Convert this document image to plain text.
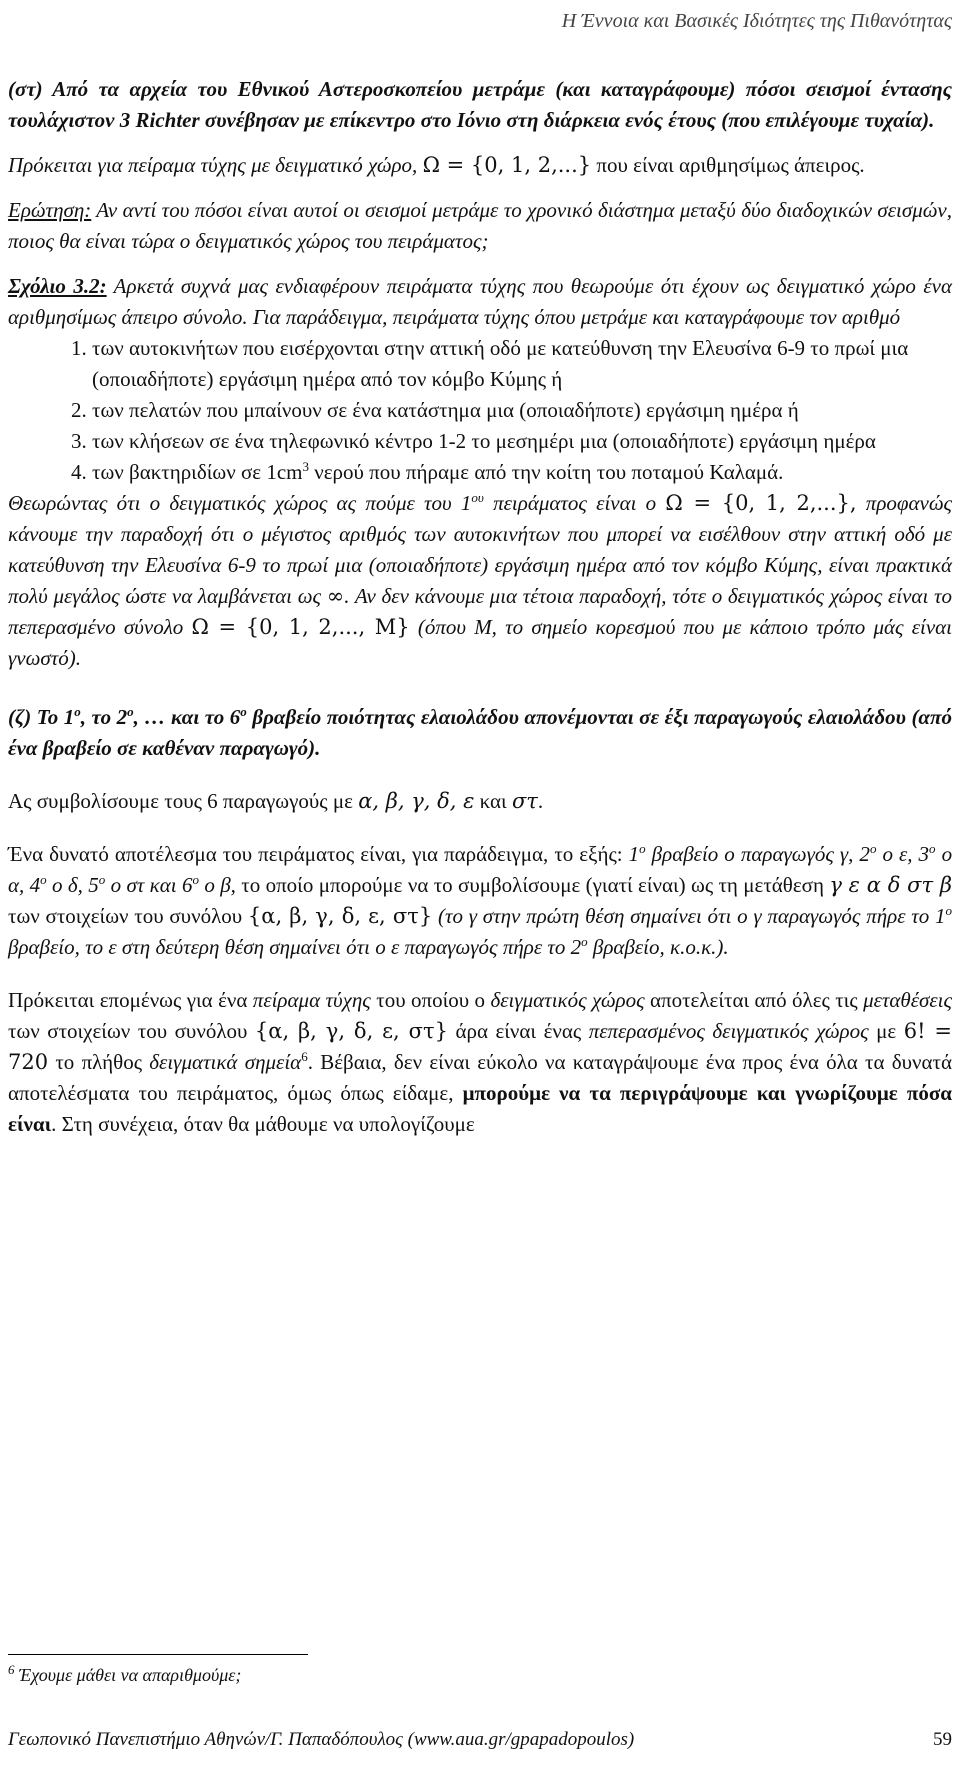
Η Έννοια και Βασικές Ιδιότητες της Πιθανότητας

(στ) Από τα αρχεία του Εθνικού Αστεροσκοπείου μετράμε (και καταγράφουμε) πόσοι σεισμοί έντασης τουλάχιστον 3 Richter συνέβησαν με επίκεντρο στο Ιόνιο στη διάρκεια ενός έτους (που επιλέγουμε τυχαία).

Πρόκειται για πείραμα τύχης με δειγματικό χώρο, Ω = {0, 1, 2,...} που είναι αριθμησίμως άπειρος.

Ερώτηση: Αν αντί του πόσοι είναι αυτοί οι σεισμοί μετράμε το χρονικό διάστημα μεταξύ δύο διαδοχικών σεισμών, ποιος θα είναι τώρα ο δειγματικός χώρος του πειράματος;

Σχόλιο 3.2: Αρκετά συχνά μας ενδιαφέρουν πειράματα τύχης που θεωρούμε ότι έχουν ως δειγματικό χώρο ένα αριθμησίμως άπειρο σύνολο. Για παράδειγμα, πειράματα τύχης όπου μετράμε και καταγράφουμε τον αριθμό

1. των αυτοκινήτων που εισέρχονται στην αττική οδό με κατεύθυνση την Ελευσίνα 6-9 το πρωί μια (οποιαδήποτε) εργάσιμη ημέρα από τον κόμβο Κύμης ή
2. των πελατών που μπαίνουν σε ένα κατάστημα μια (οποιαδήποτε) εργάσιμη ημέρα ή
3. των κλήσεων σε ένα τηλεφωνικό κέντρο 1-2 το μεσημέρι μια (οποιαδήποτε) εργάσιμη ημέρα
4. των βακτηριδίων σε $1cm^3$ νερού που πήραμε από την κοίτη του ποταμού Καλαμά.

Θεωρώντας ότι ο δειγματικός χώρος ας πούμε του $1^{o\upsilon}$ πειράματος είναι ο Ω = {0, 1, 2,...}, προφανώς κάνουμε την παραδοχή ότι ο μέγιστος αριθμός των αυτοκινήτων που μπορεί να εισέλθουν στην αττική οδό με κατεύθυνση την Ελευσίνα 6-9 το πρωί μια (οποιαδήποτε) εργάσιμη ημέρα από τον κόμβο Κύμης, είναι πρακτικά πολύ μεγάλος ώστε να λαμβάνεται ως ∞. Αν δεν κάνουμε μια τέτοια παραδοχή, τότε ο δειγματικός χώρος είναι το πεπερασμένο σύνολο Ω = {0, 1, 2,..., M} (όπου Μ, το σημείο κορεσμού που με κάποιο τρόπο μάς είναι γνωστό).

(ζ) Το $1^o$, το $2^o$, … και το $6^o$ βραβείο ποιότητας ελαιολάδου απονέμονται σε έξι παραγωγούς ελαιολάδου (από ένα βραβείο σε καθέναν παραγωγό).

Ας συμβολίσουμε τους 6 παραγωγούς με α, β, γ, δ, ε και στ.

Ένα δυνατό αποτέλεσμα του πειράματος είναι, για παράδειγμα, το εξής: $1^o$ βραβείο ο παραγωγός γ, $2^o$ ο ε, $3^o$ ο α, $4^o$ ο δ, $5^o$ ο στ και $6^o$ ο β, το οποίο μπορούμε να το συμβολίσουμε (γιατί είναι) ως τη μετάθεση γ ε α δ στ β των στοιχείων του συνόλου {α, β, γ, δ, ε, στ} (το γ στην πρώτη θέση σημαίνει ότι ο γ παραγωγός πήρε το $1^o$ βραβείο, το ε στη δεύτερη θέση σημαίνει ότι ο ε παραγωγός πήρε το $2^o$ βραβείο, κ.ο.κ.).

Πρόκειται επομένως για ένα πείραμα τύχης του οποίου ο δειγματικός χώρος αποτελείται από όλες τις μεταθέσεις των στοιχείων του συνόλου {α, β, γ, δ, ε, στ} άρα είναι ένας πεπερασμένος δειγματικός χώρος με 6! = 720 το πλήθος δειγματικά σημεία$^6$. Βέβαια, δεν είναι εύκολο να καταγράψουμε ένα προς ένα όλα τα δυνατά αποτελέσματα του πειράματος, όμως όπως είδαμε, μπορούμε να τα περιγράψουμε και γνωρίζουμε πόσα είναι. Στη συνέχεια, όταν θα μάθουμε να υπολογίζουμε

$^6$ Έχουμε μάθει να απαριθμούμε;
Γεωπονικό Πανεπιστήμιο Αθηνών/Γ. Παπαδόπουλος (www.aua.gr/gpapadopoulos)	59
